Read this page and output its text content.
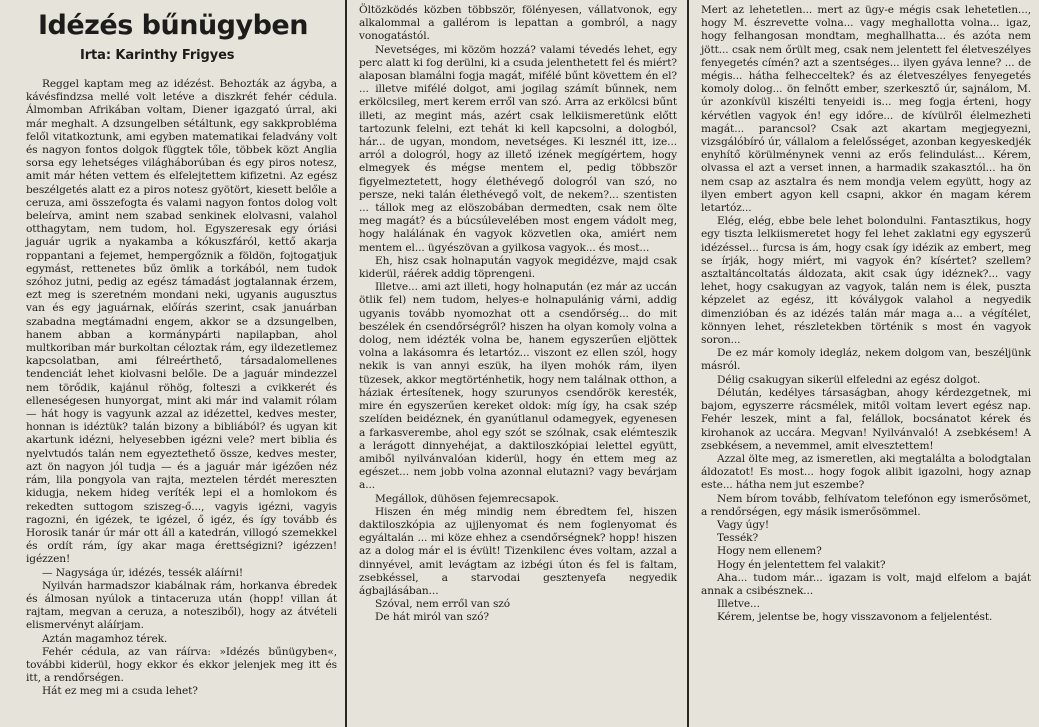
Idézés bűnügyben
Irta: Karinthy Frigyes

Reggel kaptam meg az idézést. Behozták az ágyba, a kávésfindzsa mellé volt letéve a diszkrét fehér cédula. Álmomban Afrikában voltam, Diener igazgató úrral, aki már meghalt. A dzsungelben sétáltunk, egy sakkprobléma felől vitatkoztunk, ami egyben matematikai feladvány volt és nagyon fontos dolgok függtek tőle, többek közt Anglia sorsa egy lehetséges világháborúban és egy piros notesz, amit már héten vettem és elfelejtettem kifizetni. Az egész beszélgetés alatt ez a piros notesz gyötört, kiesett belőle a ceruza, ami összefogta és valami nagyon fontos dolog volt beleírva, amint nem szabad senkinek elolvasni, valahol otthagytam, nem tudom, hol. Egyszeresak egy óriási jaguár ugrik a nyakamba a kókuszfáról, kettő akarja roppantani a fejemet, hempergőznik a földön, fojtogatjuk egymást, rettenetes bűz ömlik a torkából, nem tudok szóhoz jutni, pedig az egész támadást jogtalannak érzem, ezt meg is szeretném mondani neki, ugyanis augusztus van és egy jaguárnak, előírás szerint, csak januárban szabadna megtámadni engem, akkor se a dzsungelben, hanem abban a kormánypárti napilapban, ahol multkoriban már burkoltan céloztak rám, egy ildezetlemez kapcsolatban, ami félreérthető, társadalomellenes tendenciát lehet kiolvasni belőle. De a jaguár mindezzel nem törődik, kajánul röhög, folteszi a cvikkerét és elleneségesen hunyorgat, mint aki már ind valamit rólam — hát hogy is vagyunk azzal az idézettel, kedves mester, honnan is idéztük? talán bizony a bibliából? és ugyan kit akartunk idézni, helyesebben igézni vele? mert biblia és nyelvtudós talán nem egyeztethető össze, kedves mester, azt ön nagyon jól tudja — és a jaguár már igézően néz rám, lila pongyola van rajta, meztelen térdét mereszten kidugja, nekem hideg veríték lepi el a homlokom és rekedten suttogom sziszeg-ő..., vagyis igézni, vagyis ragozni, én igézek, te igézel, ő igéz, és így tovább és Horosik tanár úr már ott áll a katedrán, villogó szemekkel és ordít rám, így akar maga érettségizni? igézzen! igézzen!

— Nagysága úr, idézés, tessék aláírni!

Nyilván harmadszor kiabálnak rám, horkanva ébredek és álmosan nyúlok a tintaceruza után (hopp! villan át rajtam, megvan a ceruza, a notesziből), hogy az átvételi elismervényt aláírjam.

Aztán magamhoz térek.

Fehér cédula, az van ráírva: »Idézés bűnügyben«, további kiderül, hogy ekkor és ekkor jelenjek meg itt és itt, a rendőrségen.

Hát ez meg mi a csuda lehet?

Öltözködés közben többször, fölényesen, vállatvonok, egy alkalommal a gallérom is lepattan a gombról, a nagy vonogatástól.

Nevetséges, mi közöm hozzá? valami tévedés lehet, egy perc alatt ki fog derülni, ki a csuda jelenthetett fel és miért? alaposan blamálni fogja magát, mifélé bűnt követtem én el? ... illetve mifélé dolgot, ami jogilag számít bűnnek, nem erkölcsileg, mert kerem erről van szó. Arra az erkölcsi bűnt illeti, az megint más, azért csak lelkiismeretünk előtt tartozunk felelni, ezt tehát ki kell kapcsolni, a dologból, hár... de ugyan, mondom, nevetséges. Ki lesznél itt, ize... arról a dologról, hogy az illető izének megígértem, hogy elmegyek és mégse mentem el, pedig többször figyelmeztetett, hogy élethévegő dologról van szó, no persze, neki talán élethévegő volt, de nekem?... szentisten ... tállok meg az elöszobában dermedten, csak nem ölte meg magát? és a búcsúlevelében most engem vádolt meg, hogy halálának én vagyok közvetlen oka, amiért nem mentem el... ügyészövan a gyilkosa vagyok... és most...

Eh, hisz csak holnapután vagyok megidézve, majd csak kiderül, ráérek addig töprengeni.

Illetve... ami azt illeti, hogy holnapután (ez már az uccán ötlik fel) nem tudom, helyes-e holnapulánig várni, addig ugyanis tovább nyomozhat ott a csendőrség... do mit beszélek én csendőrségről? hiszen ha olyan komoly volna a dolog, nem idézték volna be, hanem egyszerűen eljöttek volna a lakásomra és letartóz... viszont ez ellen szól, hogy nekik is van annyi eszük, ha ilyen mohók rám, ilyen tüzesek, akkor megtörténhetik, hogy nem találnak otthon, a háziak értesítenek, hogy szurunyos csendőrök keresték, mire én egyszerűen kereket oldok: míg így, ha csak szép szelíden beidéznek, én gyanútlanul odamegyek, egyenesen a farkasverembe, ahol egy szót se szólnak, csak elémteszik a lerágott dinnyehéjat, a daktiloszkópiai lelettel együtt, amiből nyilvánvalóan kiderül, hogy én ettem meg az egészet... nem jobb volna azonnal elutazni? vagy bevárjam a...

Megállok, dühösen fejemrecsapok.

Hiszen én még mindig nem ébredtem fel, hiszen daktiloszkópia az ujjlenyomat és nem foglenyomat és egyáltalán ... mi köze ehhez a csendőrségnek? hopp! hiszen az a dolog már el is évült! Tizenkilenc éves voltam, azzal a dinnyével, amit levágtam az izbégi úton és fel is faltam, zsebkéssel, a starvodai gesztenyefa negyedik ágbajlásában...

Szóval, nem erről van szó

De hát miról van szó?

Mert az lehetetlen... mert az ügy-e mégis csak lehetetlen..., hogy M. észrevette volna... vagy meghallotta volna... igaz, hogy felhangosan mondtam, meghallhatta... és azóta nem jött... csak nem őrült meg, csak nem jelentett fel életveszélyes fenyegetés címén? azt a szentséges... ilyen gyáva lenne? ... de mégis... hátha felhecceltek? és az életveszélyes fenyegetés komoly dolog... ön felnőtt ember, szerkesztő úr, sajnálom, M. úr azonkívül kiszélti tenyeidi is... meg fogja érteni, hogy kérvétlen vagyok én! egy időre... de kívülről élelmezheti magát... parancsol? Csak azt akartam megjegyezni, vizsgálóbíró úr, vállalom a felelősséget, azonban kegyeskedjék enyhítő körülménynek venni az erős felindulást... Kérem, olvassa el azt a verset innen, a harmadik szakasztól... ha ön nem csap az asztalra és nem mondja velem együtt, hogy az ilyen embert agyon kell csapni, akkor én magam kérem letartóz...

Elég, elég, ebbe bele lehet bolondulni. Fantasztikus, hogy egy tiszta lelkiismeretet hogy fel lehet zaklatni egy egyszerű idézéssel... furcsa is ám, hogy csak így idézik az embert, meg se írják, hogy miért, mi vagyok én? kísértet? szellem? asztaltáncoltatás áldozata, akit csak úgy idéznek?... vagy lehet, hogy csakugyan az vagyok, talán nem is élek, puszta képzelet az egész, itt kóválygok valahol a negyedik dimenzióban és az idézés talán már maga a... a végítélet, könnyen lehet, részletekben történik s most én vagyok soron...

De ez már komoly idegláz, nekem dolgom van, beszéljünk másról.

Délig csakugyan sikerül elfeledni az egész dolgot.

Délután, kedélyes társaságban, ahogy kérdezgetnek, mi bajom, egyszerre rácsmélek, mitől voltam levert egész nap. Fehér leszek, mint a fal, felállok, bocsánatot kérek és kirohanok az uccára. Megvan! Nyilvánvaló! A zsebkésem! A zsebkésem, a nevemmel, amit elvesztettem!

Azzal ölte meg, az ismeretlen, aki megtalálta a bolodgtalan áldozatot! Es most... hogy fogok alibit igazolni, hogy aznap este... hátha nem jut eszembe?

Nem bírom tovább, felhívatom telefónon egy ismerősömet, a rendőrségen, egy másik ismerősömmel.

Vagy úgy!

Tessék?

Hogy nem ellenem?

Hogy én jelentettem fel valakit?

Aha... tudom már... igazam is volt, majd elfelom a baját annak a csibésznek...

Illetve...

Kérem, jelentse be, hogy visszavonom a feljelentést.
